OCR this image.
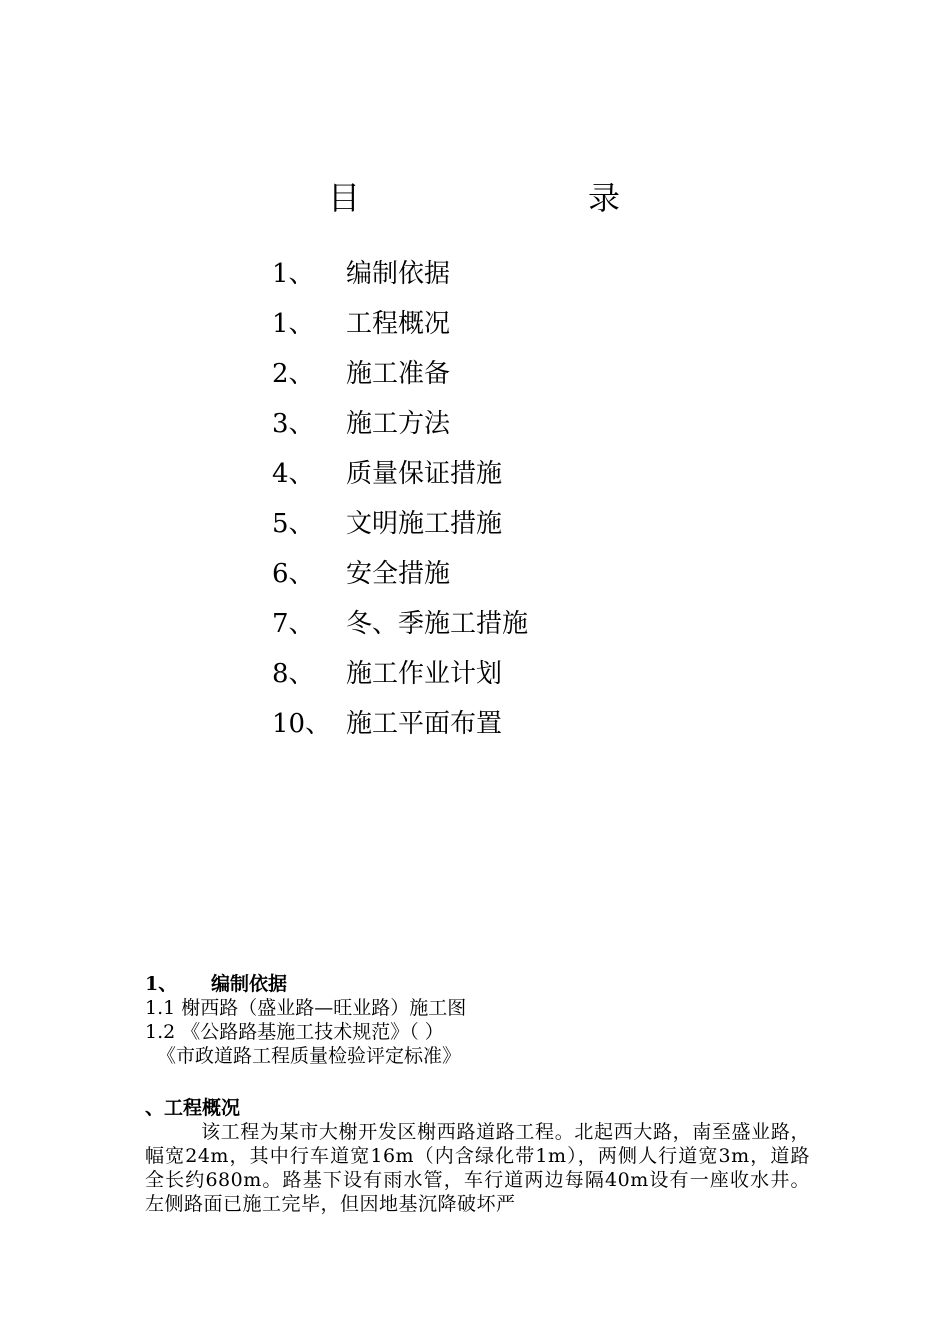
目	录
1、 编制依据
1、 工程概况
2、 施工准备
3、 施工方法
4、 质量保证措施
5、 文明施工措施
6、 安全措施
7、 冬、季施工措施
8、 施工作业计划
10、 施工平面布置
1、 编制依据
1.1 榭西路（盛业路—旺业路）施工图
1.2 《公路路基施工技术规范》（ ）
《市政道路工程质量检验评定标准》
、工程概况
该工程为某市大榭开发区榭西路道路工程。北起西大路，南至盛业路，幅宽24m，其中行车道宽16m（内含绿化带1m），两侧人行道宽3m，道路全长约680m。路基下设有雨水管，车行道两边每隔40m设有一座收水井。左侧路面已施工完毕，但因地基沉降破坏严
